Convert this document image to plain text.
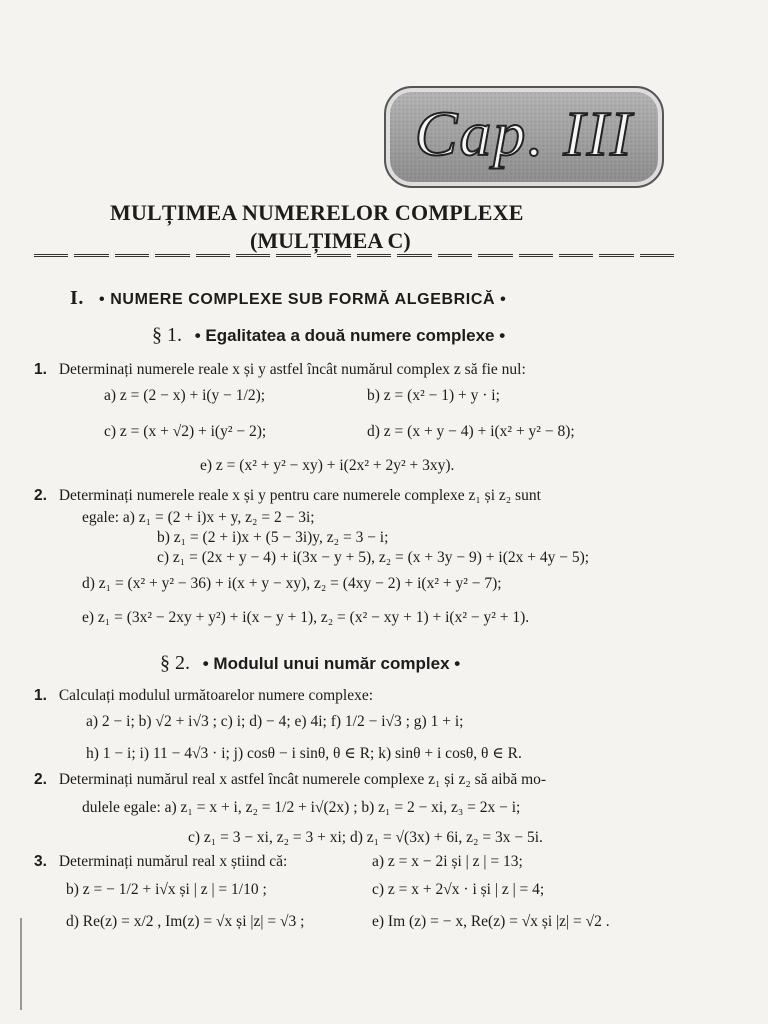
Cap. III
MULȚIMEA NUMERELOR COMPLEXE
(MULȚIMEA C)
I. • NUMERE COMPLEXE SUB FORMĂ ALGEBRICĂ •
§ 1. • Egalitatea a două numere complexe •
1. Determinați numerele reale x și y astfel încât numărul complex z să fie nul:
a) z = (2 − x) + i(y − 1/2);	b) z = (x² − 1) + y · i;
c) z = (x + √2) + i(y² − 2);	d) z = (x + y − 4) + i(x² + y² − 8);
e) z = (x² + y² − xy) + i(2x² + 2y² + 3xy).
2. Determinați numerele reale x și y pentru care numerele complexe z₁ și z₂ sunt
egale: a) z₁ = (2 + i)x + y, z₂ = 2 − 3i;
b) z₁ = (2 + i)x + (5 − 3i)y, z₂ = 3 − i;
c) z₁ = (2x + y − 4) + i(3x − y + 5), z₂ = (x + 3y − 9) + i(2x + 4y − 5);
d) z₁ = (x² + y² − 36) + i(x + y − xy), z₂ = (4xy − 2) + i(x² + y² − 7);
e) z₁ = (3x² − 2xy + y²) + i(x − y + 1), z₂ = (x² − xy + 1) + i(x² − y² + 1).
§ 2. • Modulul unui număr complex •
1. Calculați modulul următoarelor numere complexe:
a) 2 − i; b) √2 + i√3 ; c) i; d) − 4; e) 4i; f) 1/2 − i√3 ; g) 1 + i;
h) 1 − i; i) 11 − 4√3 · i; j) cosθ − i sinθ, θ ∈ R; k) sinθ + i cosθ, θ ∈ R.
2. Determinați numărul real x astfel încât numerele complexe z₁ și z₂ să aibă mo-
dulele egale: a) z₁ = x + i, z₂ = 1/2 + i√(2x) ; b) z₁ = 2 − xi, z₃ = 2x − i;
c) z₁ = 3 − xi, z₂ = 3 + xi; d) z₁ = √(3x) + 6i, z₂ = 3x − 5i.
3. Determinați numărul real x știind că:	a) z = x − 2i și | z | = 13;
b) z = − 1/2 + i√x și | z | = 1/10 ;	c) z = x + 2√x · i și | z | = 4;
d) Re(z) = x/2 , Im(z) = √x și |z| = √3 ;	e) Im (z) = − x, Re(z) = √x și |z| = √2 .
